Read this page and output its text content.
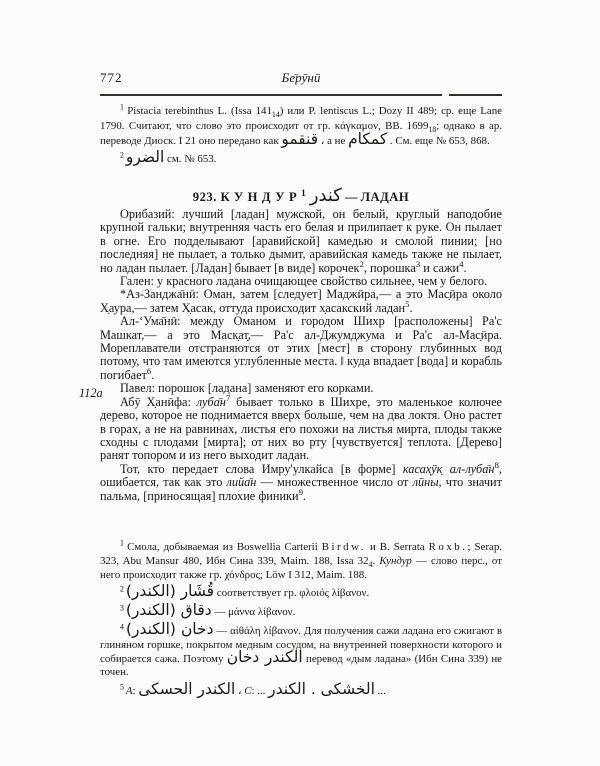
772	Бе̄рӯнӣ
$^1$ Pistacia terebinthus L. (Issa $141_{14}$) или P. lentiscus L.; Dozy II 489; ср. еще Lane 1790. Считают, что слово это происходит от гр. κάγκαμον, BB. $1699_{18}$; однако в ар. переводе Диоск. I 21 оно передано как قنقمو ، а не كمكام . См. еще № 653, 868.
$^2$ الضرو см. № 653.
923. КУНДУР$^1$ كندر — ЛАДАН

Орибазий: лучший [ладан] мужской, он белый, круглый наподобие крупной гальки; внутренняя часть его белая и прилипает к руке. Он пылает в огне. Его подделывают [аравийской] камедью и смолой пинии; [но последняя] не пылает, а только дымит, аравийская камедь также не пылает, но ладан пылает. [Ладан] бывает [в виде] корочек$^2$, порошка$^3$ и сажи$^4$.

Гален: у красного ладана очищающее свойство сильнее, чем у белого.

*Аз-Занджа̄нӣ: Оман, затем [следует] Маджӣра,— а это Мас̣ӣра около Х̣аура,— затем Х̣асак, оттуда происходит х̣асакский ладан$^5$.

Ал-ʻУма̄нӣ: между Оманом и городом Шихр [расположены] Ра'с Машкат,— а это Маск̣ат̣,— Ра'с ал-Джумджума и Ра'с ал-Мас̣ӣра. Мореплаватели отстраняются от этих [мест] в сторону глубинных вод потому, что там имеются углубленные места. ‖ куда впадает [вода] и корабль погибает$^6$.

Павел: порошок [ладана] заменяют его корками.

Абӯ Х̣анӣфа: $луба̄н^7$ бывает только в Шихре, это маленькое колючее дерево, которое не поднимается вверх больше, чем на два локтя. Оно растет в горах, а не на равнинах, листья его похожи на листья мирта, плоды также сходны с плодами [мирта]; от них во рту [чувствуется] теплота. [Дерево] ранят топором и из него выходит ладан.

Тот, кто передает слова Имру'улкайса [в форме] касах̣ӯк̣ $ал-луба̄н^8$, ошибается, так как это лийа̄н — множественное число от лӣны, что значит пальма, [приносящая] плохие финики$^9$.

112a
$^1$ Смола, добываемая из Boswellia Carterii Birdw. и B. Serrata Roxb.; Serap. 323, Abu Mansur 480, Ибн Сина 339, Maim. 188, Issa $32_4$. Кундур — слово перс., от него происходит также гр. χόνδρος; Löw I 312, Maim. 188.
$^2$ قُشَار (الكندر) соответствует гр. φλοιός λίβανον.
$^3$ دقاق (الكندر) — μάννα λίβανον.
$^4$ دخان (الكندر) — αἰθάλη λίβανον. Для получения сажи ладана его сжигают в глиняном горшке, покрытом медным сосудом, на внутренней поверхности которого и собирается сажа. Поэтому الكندر دخان перевод «дым ладана» (Ибн Сина 339) не точен.
$^5$ A: الكندر الحسكى ، C: ... الخشكى . الكندر ...
